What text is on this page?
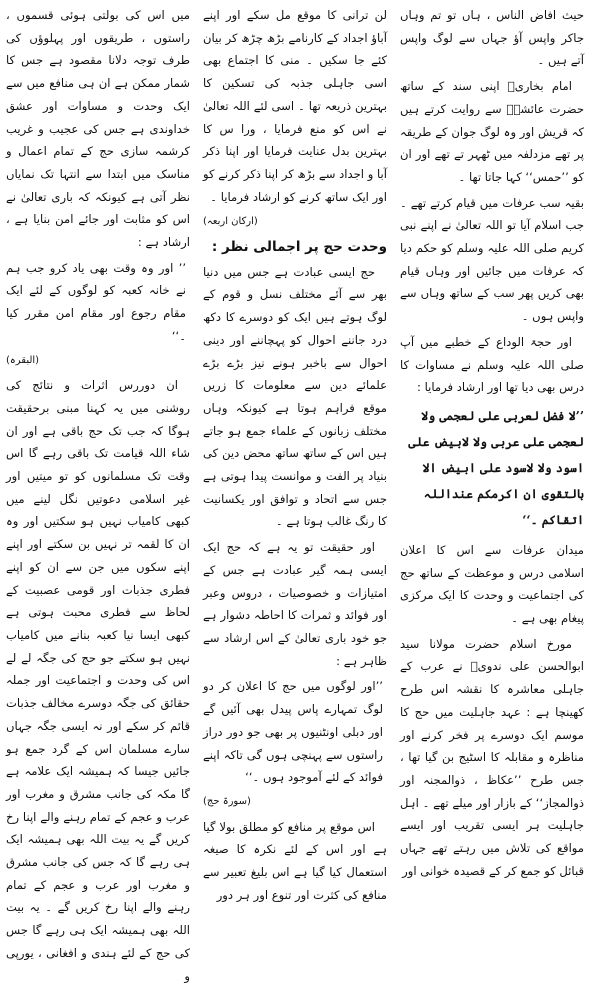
حیث افاض الناس ، ہاں تو تم وہاں جاکر واپس آؤ جہاں سے لوگ واپس آتے ہیں ۔

امام بخاریؒ اپنی سند کے ساتھ حضرت عائشہؓ سے روایت کرتے ہیں کہ قریش اور وہ لوگ جوان کے طریقہ پر تھے مزدلفہ میں ٹھہر تے تھے اور ان کو ’’حمس‘‘ کہا جاتا تھا ۔

بقیہ سب عرفات میں قیام کرتے تھے ۔ جب اسلام آیا تو اللہ تعالیٰ نے اپنے نبی کریم صلی اللہ علیہ وسلم کو حکم دیا کہ عرفات میں جائیں اور وہاں قیام بھی کریں پھر سب کے ساتھ وہاں سے واپس ہوں ۔

اور حجۃ الوداع کے خطبے میں آپ صلی اللہ علیہ وسلم نے مساوات کا درس بھی دیا تھا اور ارشاد فرمایا :

’’لا فضل لعربی علی لعجمی ولا لعجمی علی عربی ولا لابیض علی اسود ولا لاسود علی ابیض الا بالتقوی ان اکرمکم عنداللہ اتقاکم ۔‘‘

میدان عرفات سے اس کا اعلان اسلامی درس و موعظت کے ساتھ حج کی اجتماعیت و وحدت کا ایک مرکزی پیغام بھی ہے ۔

مورخ اسلام حضرت مولانا سید ابوالحسن علی ندویؒ نے عرب کے جاہلی معاشرہ کا نقشہ اس طرح کھینچا ہے : عہد جاہلیت میں حج کا موسم ایک دوسرے پر فخر کرنے اور مناظرہ و مقابلہ کا اسٹیج بن گیا تھا ، جس طرح ’’عکاظ ، ذوالمجنہ اور ذوالمجاز‘‘ کے بازار اور میلے تھے ۔ اہل جاہلیت ہر ایسی تقریب اور ایسے مواقع کی تلاش میں رہتے تھے جہاں قبائل کو جمع کر کے قصیدہ خوانی اور

لن ترانی کا موقع مل سکے اور اپنے آباؤ اجداد کے کارنامے بڑھ چڑھ کر بیان کئے جا سکیں ۔ منی کا اجتماع بھی اسی جاہلی جذبہ کی تسکین کا بہترین ذریعہ تھا ۔ اسی لئے اللہ تعالیٰ نے اس کو منع فرمایا ، ورا س کا بہترین بدل عنایت فرمایا اور اپنا ذکر آبا و اجداد سے بڑھ کر اپنا ذکر کرنے کو اور ایک ساتھ کرنے کو ارشاد فرمایا ۔

(ارکان اربعہ)
وحدت حج پر اجمالی نظر :

حج ایسی عبادت ہے جس میں دنیا بھر سے آئے مختلف نسل و قوم کے لوگ ہوتے ہیں ایک کو دوسرے کا دکھ درد جاننے احوال کو پہچاننے اور دینی احوال سے باخبر ہونے نیز بڑے بڑے علمائے دین سے معلومات کا زریں موقع فراہم ہوتا ہے کیونکہ وہاں مختلف زبانوں کے علماء جمع ہو جاتے ہیں اس کے ساتھ ساتھ محض دین کی بنیاد پر الفت و موانست پیدا ہوتی ہے جس سے اتحاد و توافق اور یکسانیت کا رنگ غالب ہوتا ہے ۔

اور حقیقت تو یہ ہے کہ حج ایک ایسی ہمہ گیر عبادت ہے جس کے امتیازات و خصوصیات ، دروس وعبر اور فوائد و ثمرات کا احاطہ دشوار ہے جو خود باری تعالیٰ کے اس ارشاد سے ظاہر ہے :

’’اور لوگوں میں حج کا اعلان کر دو لوگ تمہارے پاس پیدل بھی آئیں گے اور دبلی اونٹنیوں پر بھی جو دور دراز راستوں سے پہنچی ہوں گی تاکہ اپنے فوائد کے لئے آموجود ہوں ۔‘‘
(سورۃ حج)

اس موقع پر منافع کو مطلق بولا گیا ہے اور اس کے لئے نکرہ کا صیغہ استعمال کیا گیا ہے اس بلیغ تعبیر سے منافع کی کثرت اور تنوع اور ہر دور

میں اس کی بولتی ہوئی قسموں ، راستوں ، طریقوں اور پہلوؤں کی طرف توجہ دلانا مقصود ہے جس کا شمار ممکن ہے ان ہی منافع میں سے ایک وحدت و مساوات اور عشق خداوندی ہے جس کی عجیب و غریب کرشمہ سازی حج کے تمام اعمال و مناسک میں ابتدا سے انتہا تک نمایاں نظر آتی ہے کیونکہ کہ باری تعالیٰ نے اس کو مثابت اور جائے امن بنایا ہے ، ارشاد ہے :

’’ اور وہ وقت بھی یاد کرو جب ہم نے خانہ کعبہ کو لوگوں کے لئے ایک مقام رجوع اور مقام امن مقرر کیا ۔‘‘
(البقرہ)

ان دوررس اثرات و نتائج کی روشنی میں یہ کہنا مبنی برحقیقت ہوگا کہ جب تک حج باقی ہے اور ان شاء اللہ قیامت تک باقی رہے گا اس وقت تک مسلمانوں کو تو میتیں اور غیر اسلامی دعوتیں نگل لینے میں کبھی کامیاب نہیں ہو سکتیں اور وہ ان کا لقمہ تر نہیں بن سکتے اور اپنے اپنے سکوں میں جن سے ان کو اپنے فطری جذبات اور قومی عصبیت کے لحاظ سے فطری محبت ہوتی ہے کبھی ایسا نیا کعبہ بنانے میں کامیاب نہیں ہو سکتے جو حج کی جگہ لے لے اس کی وحدت و اجتماعیت اور جملہ حقائق کی جگہ دوسرے مخالف جذبات قائم کر سکے اور نہ ایسی جگہ جہاں سارے مسلمان اس کے گرد جمع ہو جائیں جیسا کہ ہمیشہ ایک علامہ ہے گا مکہ کی جانب مشرق و مغرب اور عرب و عجم کے تمام رہنے والے اپنا رخ کریں گے یہ بیت اللہ بھی ہمیشہ ایک ہی رہے گا کہ جس کی جانب مشرق و مغرب اور عرب و عجم کے تمام رہنے والے اپنا رخ کریں گے ۔ یہ بیت اللہ بھی ہمیشہ ایک ہی رہے گا جس کی حج کے لئے ہندی و افغانی ، یورپی و
